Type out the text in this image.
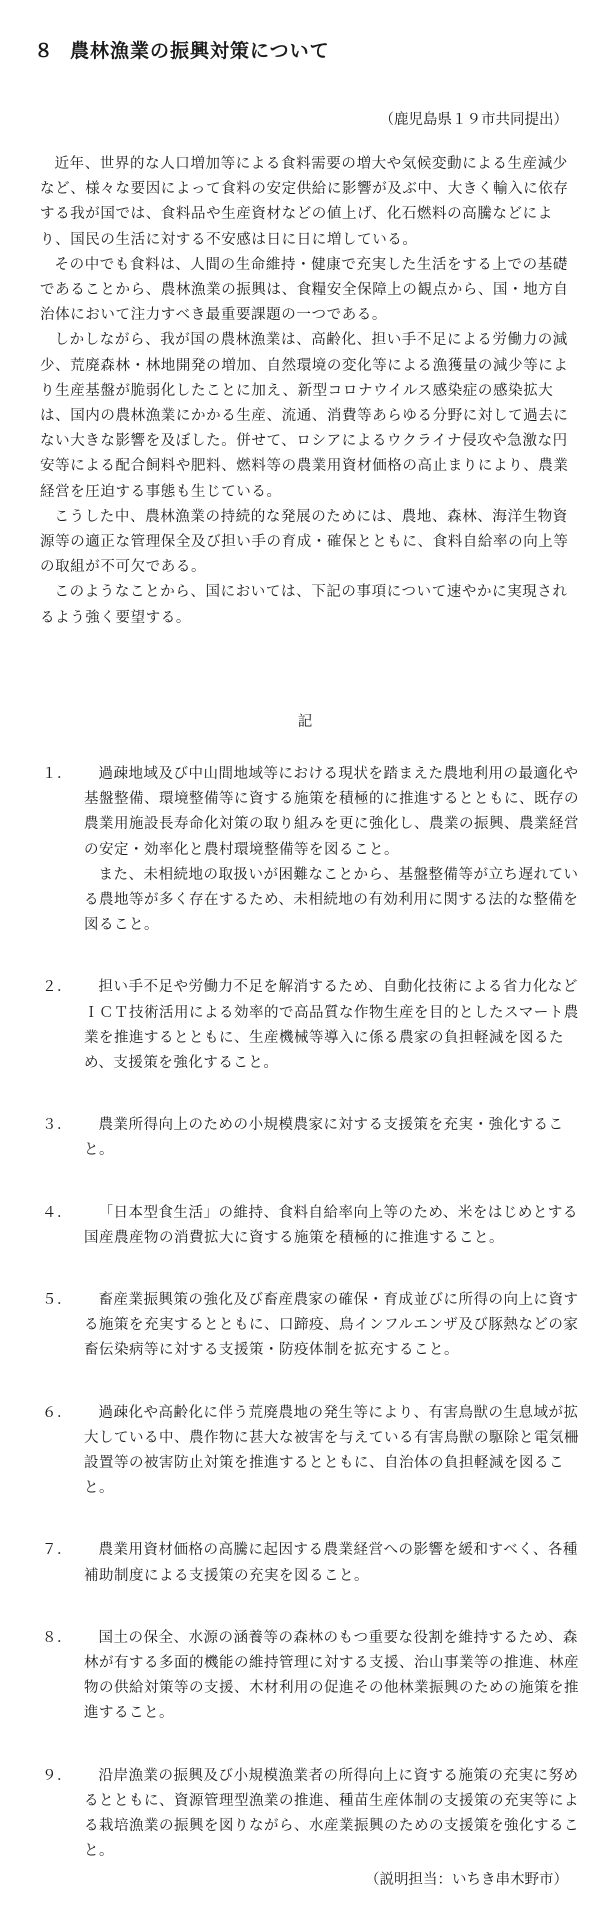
８ 農林漁業の振興対策について
（鹿児島県１９市共同提出）

近年、世界的な人口増加等による食料需要の増大や気候変動による生産減少など、様々な要因によって食料の安定供給に影響が及ぶ中、大きく輸入に依存する我が国では、食料品や生産資材などの値上げ、化石燃料の高騰などにより、国民の生活に対する不安感は日に日に増している。

その中でも食料は、人間の生命維持・健康で充実した生活をする上での基礎であることから、農林漁業の振興は、食糧安全保障上の観点から、国・地方自治体において注力すべき最重要課題の一つである。

しかしながら、我が国の農林漁業は、高齢化、担い手不足による労働力の減少、荒廃森林・林地開発の増加、自然環境の変化等による漁獲量の減少等により生産基盤が脆弱化したことに加え、新型コロナウイルス感染症の感染拡大は、国内の農林漁業にかかる生産、流通、消費等あらゆる分野に対して過去にない大きな影響を及ぼした。併せて、ロシアによるウクライナ侵攻や急激な円安等による配合飼料や肥料、燃料等の農業用資材価格の高止まりにより、農業経営を圧迫する事態も生じている。

こうした中、農林漁業の持続的な発展のためには、農地、森林、海洋生物資源等の適正な管理保全及び担い手の育成・確保とともに、食料自給率の向上等の取組が不可欠である。

このようなことから、国においては、下記の事項について速やかに実現されるよう強く要望する。

記
１．	過疎地域及び中山間地域等における現状を踏まえた農地利用の最適化や基盤整備、環境整備等に資する施策を積極的に推進するとともに、既存の農業用施設長寿命化対策の取り組みを更に強化し、農業の振興、農業経営の安定・効率化と農村環境整備等を図ること。

また、未相続地の取扱いが困難なことから、基盤整備等が立ち遅れている農地等が多く存在するため、未相続地の有効利用に関する法的な整備を図ること。

２．	担い手不足や労働力不足を解消するため、自動化技術による省力化などＩＣＴ技術活用による効率的で高品質な作物生産を目的としたスマート農業を推進するとともに、生産機械等導入に係る農家の負担軽減を図るため、支援策を強化すること。

３．	農業所得向上のための小規模農家に対する支援策を充実・強化すること。

４．	「日本型食生活」の維持、食料自給率向上等のため、米をはじめとする国産農産物の消費拡大に資する施策を積極的に推進すること。

５．	畜産業振興策の強化及び畜産農家の確保・育成並びに所得の向上に資する施策を充実するとともに、口蹄疫、鳥インフルエンザ及び豚熱などの家畜伝染病等に対する支援策・防疫体制を拡充すること。

６．	過疎化や高齢化に伴う荒廃農地の発生等により、有害鳥獣の生息域が拡大している中、農作物に甚大な被害を与えている有害鳥獣の駆除と電気柵設置等の被害防止対策を推進するとともに、自治体の負担軽減を図ること。

７．	農業用資材価格の高騰に起因する農業経営への影響を緩和すべく、各種補助制度による支援策の充実を図ること。

８．	国土の保全、水源の涵養等の森林のもつ重要な役割を維持するため、森林が有する多面的機能の維持管理に対する支援、治山事業等の推進、林産物の供給対策等の支援、木材利用の促進その他林業振興のための施策を推進すること。

９．	沿岸漁業の振興及び小規模漁業者の所得向上に資する施策の充実に努めるとともに、資源管理型漁業の推進、種苗生産体制の支援策の充実等による栽培漁業の振興を図りながら、水産業振興のための支援策を強化すること。

（説明担当：いちき串木野市）
